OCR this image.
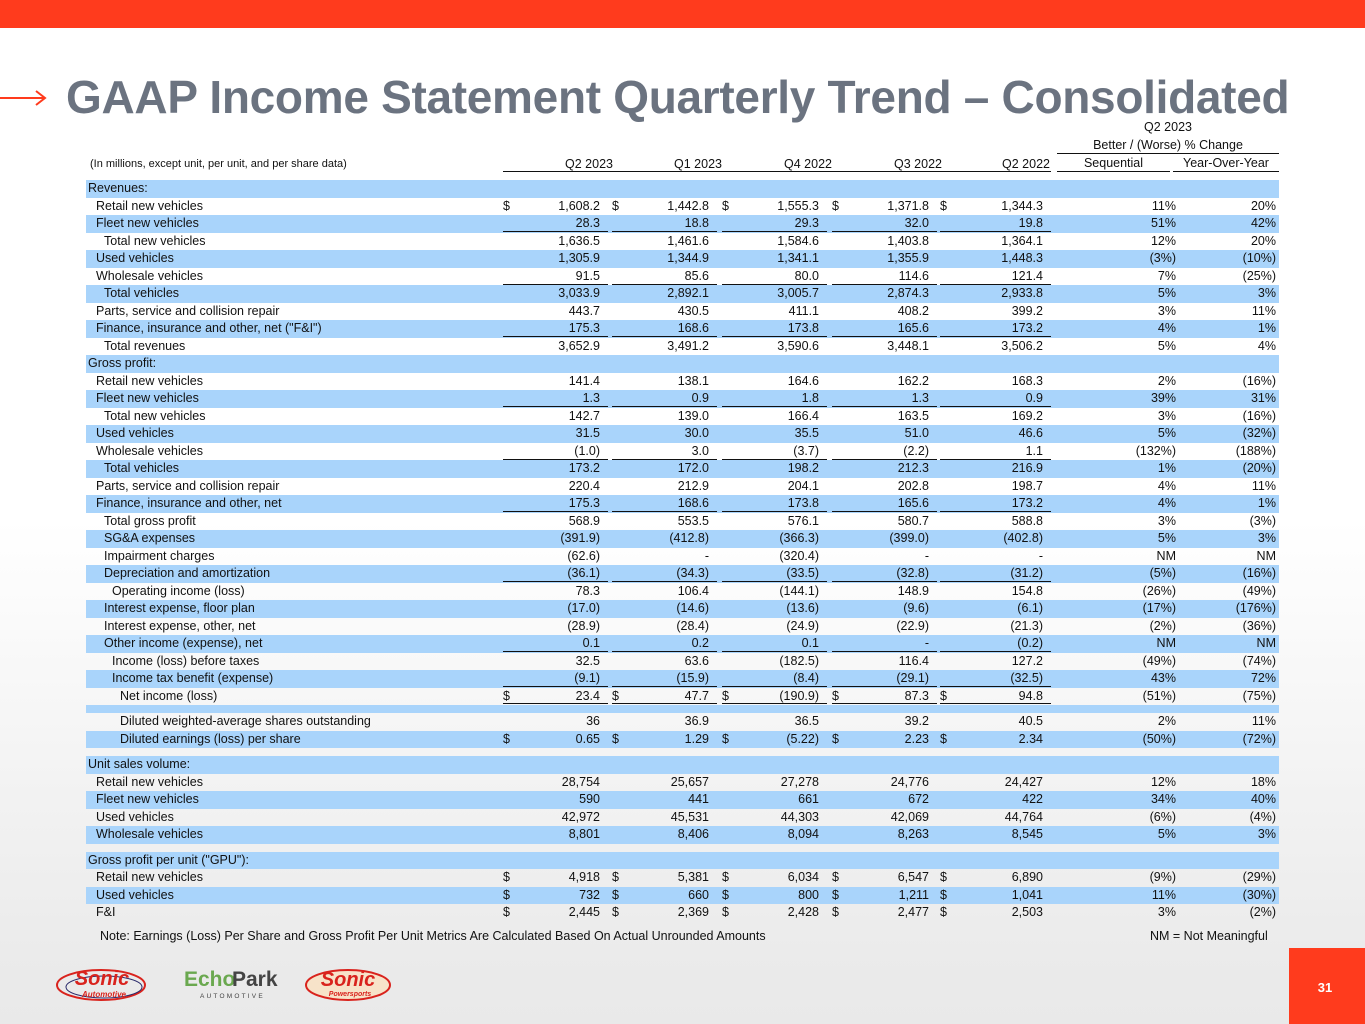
GAAP Income Statement Quarterly Trend – Consolidated
(In millions, except unit, per unit, and per share data)	Q2 2023	Q1 2023	Q4 2022	Q3 2022	Q2 2022
Q2 2023
Better / (Worse) % Change
Sequential	Year-Over-Year
Revenues:
Retail new vehicles	$	1,608.2 $	1,442.8 $	1,555.3 $	1,371.8 $	1,344.3	11%	20%
Fleet new vehicles	28.3	18.8	29.3	32.0	19.8	51%	42%
Total new vehicles	1,636.5	1,461.6	1,584.6	1,403.8	1,364.1	12%	20%
Used vehicles	1,305.9	1,344.9	1,341.1	1,355.9	1,448.3	(3%)	(10%)
Wholesale vehicles	91.5	85.6	80.0	114.6	121.4	7%	(25%)
Total vehicles	3,033.9	2,892.1	3,005.7	2,874.3	2,933.8	5%	3%
Parts, service and collision repair	443.7	430.5	411.1	408.2	399.2	3%	11%
Finance, insurance and other, net ("F&I")	175.3	168.6	173.8	165.6	173.2	4%	1%
Total revenues	3,652.9	3,491.2	3,590.6	3,448.1	3,506.2	5%	4%
Gross profit:
Retail new vehicles	141.4	138.1	164.6	162.2	168.3	2%	(16%)
Fleet new vehicles	1.3	0.9	1.8	1.3	0.9	39%	31%
Total new vehicles	142.7	139.0	166.4	163.5	169.2	3%	(16%)
Used vehicles	31.5	30.0	35.5	51.0	46.6	5%	(32%)
Wholesale vehicles	(1.0)	3.0	(3.7)	(2.2)	1.1	(132%)	(188%)
Total vehicles	173.2	172.0	198.2	212.3	216.9	1%	(20%)
Parts, service and collision repair	220.4	212.9	204.1	202.8	198.7	4%	11%
Finance, insurance and other, net	175.3	168.6	173.8	165.6	173.2	4%	1%
Total gross profit	568.9	553.5	576.1	580.7	588.8	3%	(3%)
SG&A expenses	(391.9)	(412.8)	(366.3)	(399.0)	(402.8)	5%	3%
Impairment charges	(62.6)	-	(320.4)	-	-	NM	NM
Depreciation and amortization	(36.1)	(34.3)	(33.5)	(32.8)	(31.2)	(5%)	(16%)
Operating income (loss)	78.3	106.4	(144.1)	148.9	154.8	(26%)	(49%)
Interest expense, floor plan	(17.0)	(14.6)	(13.6)	(9.6)	(6.1)	(17%)	(176%)
Interest expense, other, net	(28.9)	(28.4)	(24.9)	(22.9)	(21.3)	(2%)	(36%)
Other income (expense), net	0.1	0.2	0.1	-	(0.2)	NM	NM
Income (loss) before taxes	32.5	63.6	(182.5)	116.4	127.2	(49%)	(74%)
Income tax benefit (expense)	(9.1)	(15.9)	(8.4)	(29.1)	(32.5)	43%	72%
Net income (loss)	$	23.4 $	47.7 $	(190.9) $	87.3 $	94.8	(51%)	(75%)
Diluted weighted-average shares outstanding	36	36.9	36.5	39.2	40.5	2%	11%
Diluted earnings (loss) per share	$	0.65 $	1.29 $	(5.22) $	2.23 $	2.34	(50%)	(72%)
Unit sales volume:
Retail new vehicles	28,754	25,657	27,278	24,776	24,427	12%	18%
Fleet new vehicles	590	441	661	672	422	34%	40%
Used vehicles	42,972	45,531	44,303	42,069	44,764	(6%)	(4%)
Wholesale vehicles	8,801	8,406	8,094	8,263	8,545	5%	3%
Gross profit per unit ("GPU"):
Retail new vehicles	$	4,918 $	5,381 $	6,034 $	6,547 $	6,890	(9%)	(29%)
Used vehicles	$	732 $	660 $	800 $	1,211 $	1,041	11%	(30%)
F&I	$	2,445 $	2,369 $	2,428 $	2,477 $	2,503	3%	(2%)
Note: Earnings (Loss) Per Share and Gross Profit Per Unit Metrics Are Calculated Based On Actual Unrounded Amounts	NM = Not Meaningful
Sonic
Automotive
Echo
Park
AUTOMOTIVE
Sonic
Powersports	31
